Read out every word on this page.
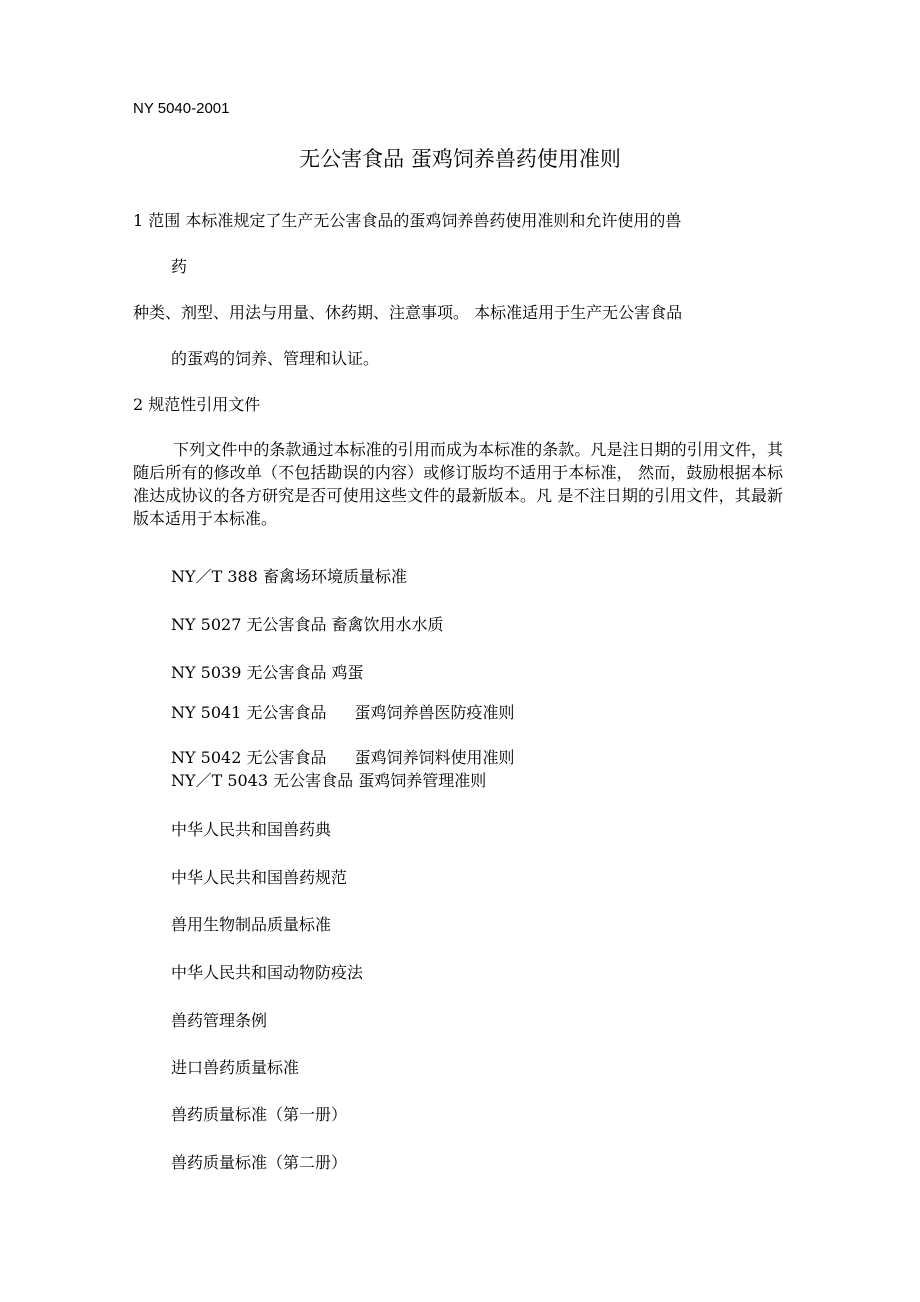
NY 5040-2001
无公害食品 蛋鸡饲养兽药使用准则
1 范围 本标准规定了生产无公害食品的蛋鸡饲养兽药使用准则和允许使用的兽
药
种类、剂型、用法与用量、休药期、注意事项。 本标准适用于生产无公害食品
的蛋鸡的饲养、管理和认证。
2 规范性引用文件

下列文件中的条款通过本标准的引用而成为本标准的条款。凡是注日期的引用文件，其随后所有的修改单（不包括勘误的内容）或修订版均不适用于本标准， 然而，鼓励根据本标准达成协议的各方研究是否可使用这些文件的最新版本。凡 是不注日期的引用文件，其最新版本适用于本标准。

NY／T 388 畜禽场环境质量标准
NY 5027 无公害食品 畜禽饮用水水质
NY 5039 无公害食品 鸡蛋
NY 5041 无公害食品 蛋鸡饲养兽医防疫准则
NY 5042 无公害食品 蛋鸡饲养饲料使用准则
NY／T 5043 无公害食品 蛋鸡饲养管理准则
中华人民共和国兽药典
中华人民共和国兽药规范
兽用生物制品质量标准
中华人民共和国动物防疫法
兽药管理条例
进口兽药质量标准
兽药质量标准（第一册）
兽药质量标准（第二册）
